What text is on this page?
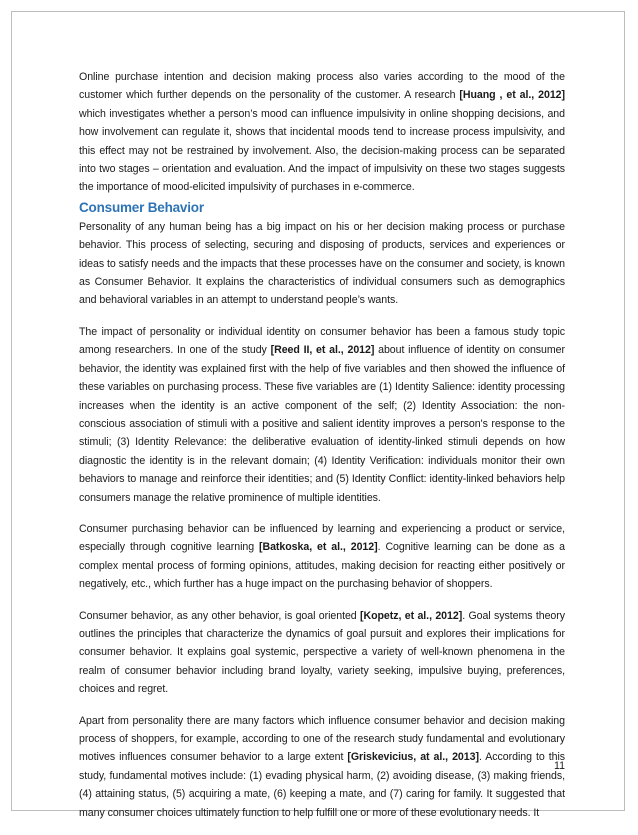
Online purchase intention and decision making process also varies according to the mood of the customer which further depends on the personality of the customer. A research [Huang , et al., 2012] which investigates whether a person’s mood can influence impulsivity in online shopping decisions, and how involvement can regulate it, shows that incidental moods tend to increase process impulsivity, and this effect may not be restrained by involvement. Also, the decision-making process can be separated into two stages – orientation and evaluation. And the impact of impulsivity on these two stages suggests the importance of mood-elicited impulsivity of purchases in e-commerce.

Consumer Behavior

Personality of any human being has a big impact on his or her decision making process or purchase behavior. This process of selecting, securing and disposing of products, services and experiences or ideas to satisfy needs and the impacts that these processes have on the consumer and society, is known as Consumer Behavior. It explains the characteristics of individual consumers such as demographics and behavioral variables in an attempt to understand people’s wants.

The impact of personality or individual identity on consumer behavior has been a famous study topic among researchers. In one of the study [Reed II, et al., 2012] about influence of identity on consumer behavior, the identity was explained first with the help of five variables and then showed the influence of these variables on purchasing process. These five variables are (1) Identity Salience: identity processing increases when the identity is an active component of the self; (2) Identity Association: the non-conscious association of stimuli with a positive and salient identity improves a person's response to the stimuli; (3) Identity Relevance: the deliberative evaluation of identity-linked stimuli depends on how diagnostic the identity is in the relevant domain; (4) Identity Verification: individuals monitor their own behaviors to manage and reinforce their identities; and (5) Identity Conflict: identity-linked behaviors help consumers manage the relative prominence of multiple identities.

Consumer purchasing behavior can be influenced by learning and experiencing a product or service, especially through cognitive learning [Batkoska, et al., 2012]. Cognitive learning can be done as a complex mental process of forming opinions, attitudes, making decision for reacting either positively or negatively, etc., which further has a huge impact on the purchasing behavior of shoppers.

Consumer behavior, as any other behavior, is goal oriented [Kopetz, et al., 2012]. Goal systems theory outlines the principles that characterize the dynamics of goal pursuit and explores their implications for consumer behavior. It explains goal systemic, perspective a variety of well-known phenomena in the realm of consumer behavior including brand loyalty, variety seeking, impulsive buying, preferences, choices and regret.

Apart from personality there are many factors which influence consumer behavior and decision making process of shoppers, for example, according to one of the research study fundamental and evolutionary motives influences consumer behavior to a large extent [Griskevicius, at al., 2013]. According to this study, fundamental motives include: (1) evading physical harm, (2) avoiding disease, (3) making friends, (4) attaining status, (5) acquiring a mate, (6) keeping a mate, and (7) caring for family. It suggested that many consumer choices ultimately function to help fulfill one or more of these evolutionary needs. It

11
